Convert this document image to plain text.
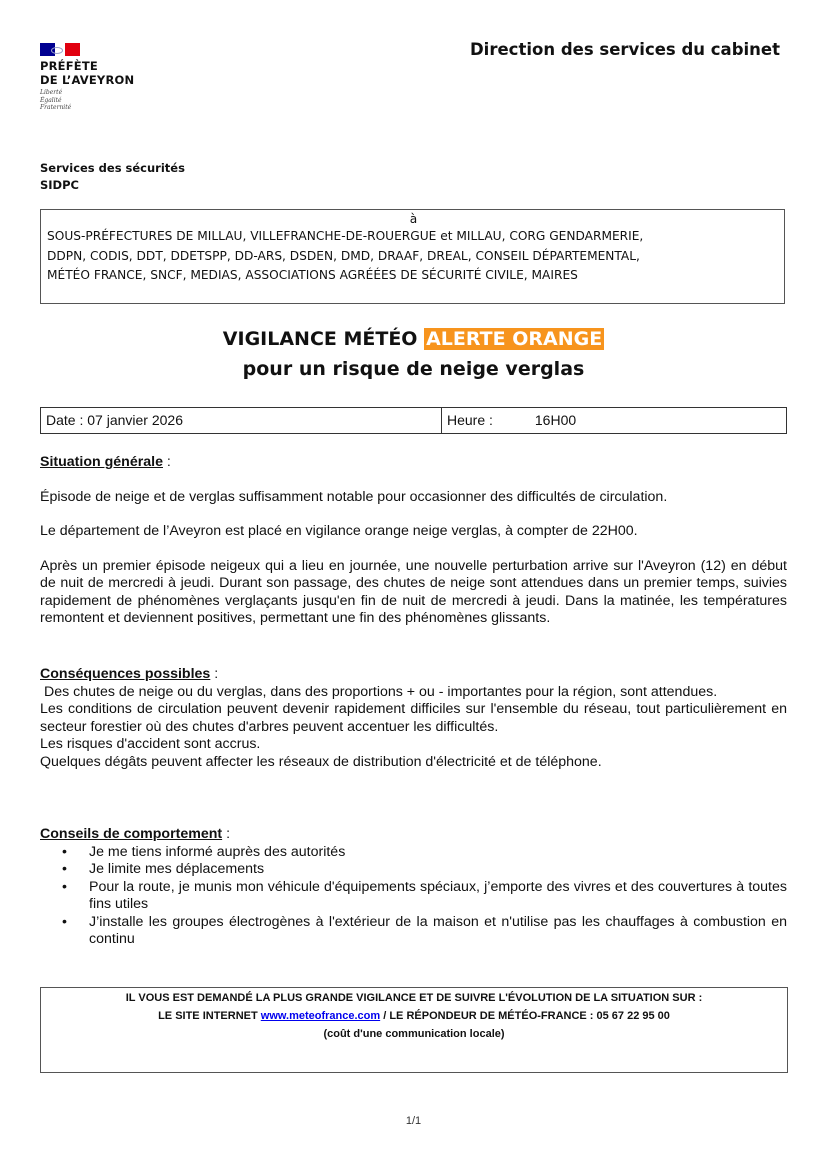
PRÉFÈTE
DE L’AVEYRON
Liberté
Égalité
Fraternité
Direction des services du cabinet
Services des sécurités
SIDPC
à
SOUS-PRÉFECTURES DE MILLAU, VILLEFRANCHE-DE-ROUERGUE et MILLAU, CORG GENDARMERIE,
DDPN, CODIS, DDT, DDETSPP, DD-ARS, DSDEN, DMD, DRAAF, DREAL, CONSEIL DÉPARTEMENTAL,
MÉTÉO FRANCE, SNCF, MEDIAS, ASSOCIATIONS AGRÉÉES DE SÉCURITÉ CIVILE, MAIRES
VIGILANCE MÉTÉO ALERTE ORANGE
pour un risque de neige verglas
Date : 07 janvier 2026	Heure :	16H00

Situation générale :

Épisode de neige et de verglas suffisamment notable pour occasionner des difficultés de circulation.

Le département de l’Aveyron est placé en vigilance orange neige verglas, à compter de 22H00.

Après un premier épisode neigeux qui a lieu en journée, une nouvelle perturbation arrive sur l'Aveyron (12) en début de nuit de mercredi à jeudi. Durant son passage, des chutes de neige sont attendues dans un premier temps, suivies rapidement de phénomènes verglaçants jusqu'en fin de nuit de mercredi à jeudi. Dans la matinée, les températures remontent et deviennent positives, permettant une fin des phénomènes glissants.

Conséquences possibles :

Des chutes de neige ou du verglas, dans des proportions + ou - importantes pour la région, sont attendues.

Les conditions de circulation peuvent devenir rapidement difficiles sur l'ensemble du réseau, tout particulièrement en secteur forestier où des chutes d'arbres peuvent accentuer les difficultés.

Les risques d'accident sont accrus.

Quelques dégâts peuvent affecter les réseaux de distribution d'électricité et de téléphone.

Conseils de comportement :

• Je me tiens informé auprès des autorités
• Je limite mes déplacements
• Pour la route, je munis mon véhicule d'équipements spéciaux, j’emporte des vivres et des couvertures à toutes fins utiles
• J’installe les groupes électrogènes à l'extérieur de la maison et n'utilise pas les chauffages à combustion en continu
IL VOUS EST DEMANDÉ LA PLUS GRANDE VIGILANCE ET DE SUIVRE L'ÉVOLUTION DE LA SITUATION SUR :
LE SITE INTERNET www.meteofrance.com / LE RÉPONDEUR DE MÉTÉO-FRANCE : 05 67 22 95 00
(coût d'une communication locale)
1/1
